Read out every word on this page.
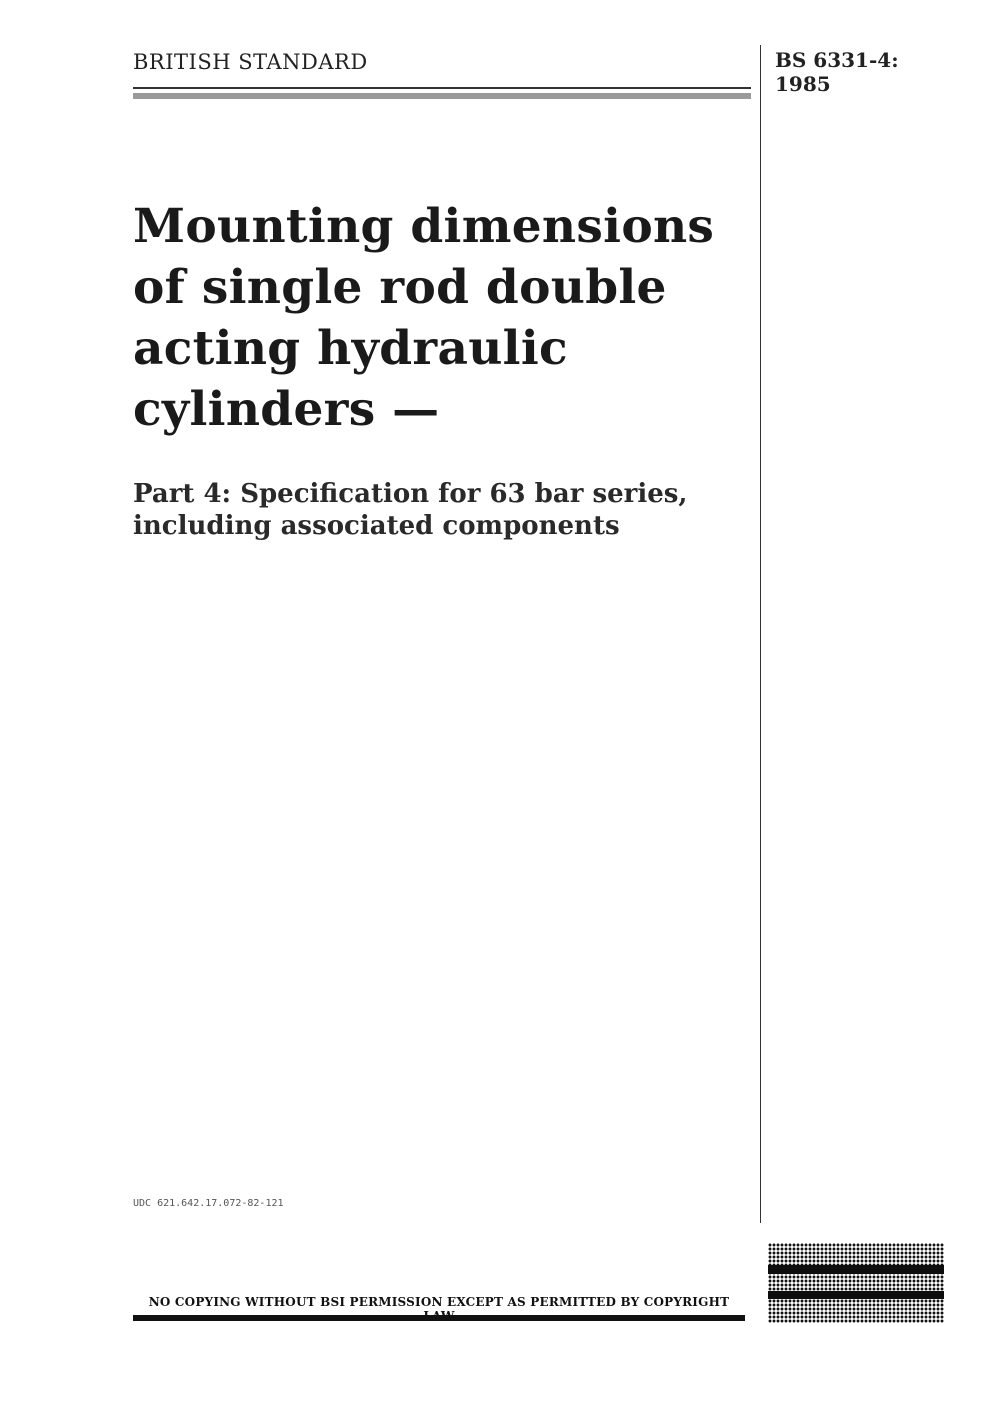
BRITISH STANDARD	BS 6331-4:
1985
Mounting dimensions of single rod double acting hydraulic cylinders —
Part 4: Specification for 63 bar series, including associated components
UDC 621.642.17.072-82-121
NO COPYING WITHOUT BSI PERMISSION EXCEPT AS PERMITTED BY COPYRIGHT
